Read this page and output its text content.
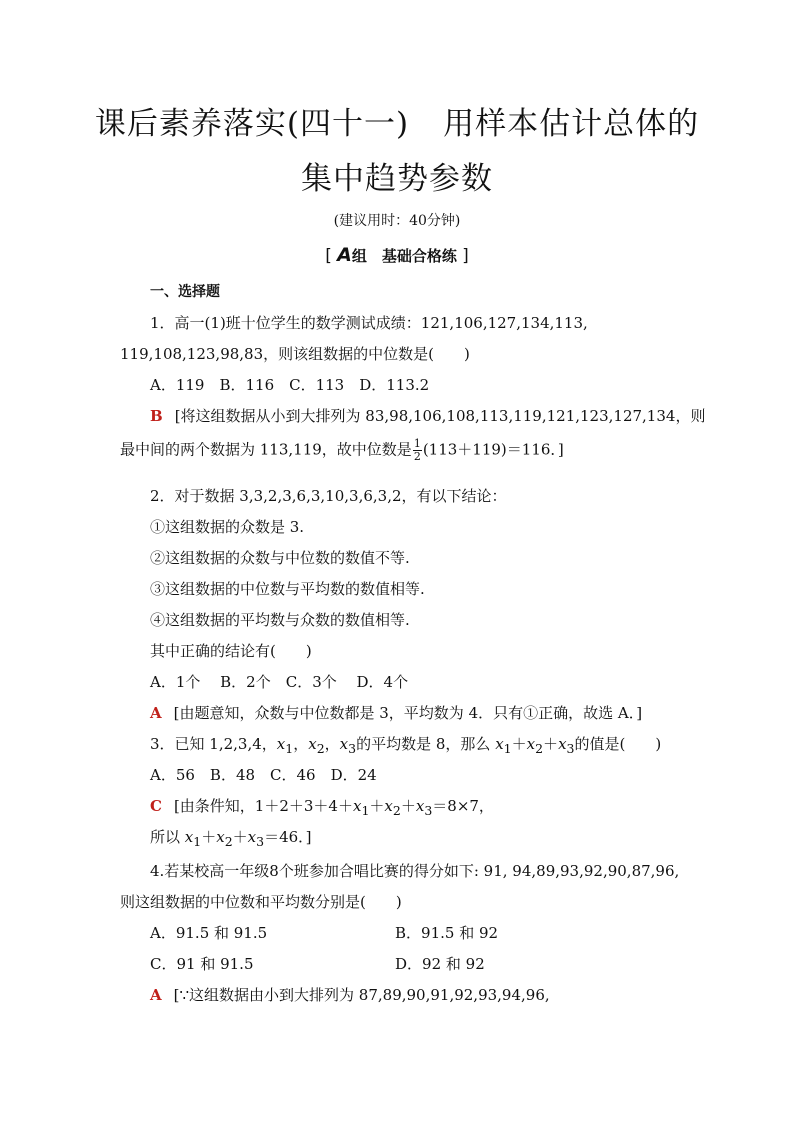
课后素养落实(四十一) 用样本估计总体的
集中趋势参数
(建议用时：40分钟)
[ A组　基础合格练 ]
一、选择题
1．高一(1)班十位学生的数学测试成绩：121,106,127,134,113,
119,108,123,98,83，则该组数据的中位数是(　　)
A．119　B．116　C．113　D．113.2
B [将这组数据从小到大排列为 83,98,106,108,113,119,121,123,127,134，则
最中间的两个数据为 113,119，故中位数是 $\frac{1}{2} (113+119)=116$．]
2．对于数据 3,3,2,3,6,3,10,3,6,3,2，有以下结论：
①这组数据的众数是 3.
②这组数据的众数与中位数的数值不等.
③这组数据的中位数与平均数的数值相等.
④这组数据的平均数与众数的数值相等.
其中正确的结论有(　　)
A．1个　 B．2个　C．3个　 D．4个
A [由题意知，众数与中位数都是 3，平均数为 4．只有①正确，故选 A．]
3．已知 1,2,3,4，$x_1$，$x_2$，$x_3$的平均数是 8，那么 $x_1+x_2+x_3$的值是(　　)
A．56　B．48　C．46　D．24
C [由条件知，$1+2+3+4+x_1+x_2+x_3=8\times 7$，
所以 $x_1+x_2+x_3=46$．]
4.若某校高一年级8个班参加合唱比赛的得分如下: 91, 94,89,93,92,90,87,96,
则这组数据的中位数和平均数分别是(　　)
A．91.5 和 91.5	B．91.5 和 92
C．91 和 91.5	D．92 和 92
A [∵这组数据由小到大排列为 87,89,90,91,92,93,94,96,
